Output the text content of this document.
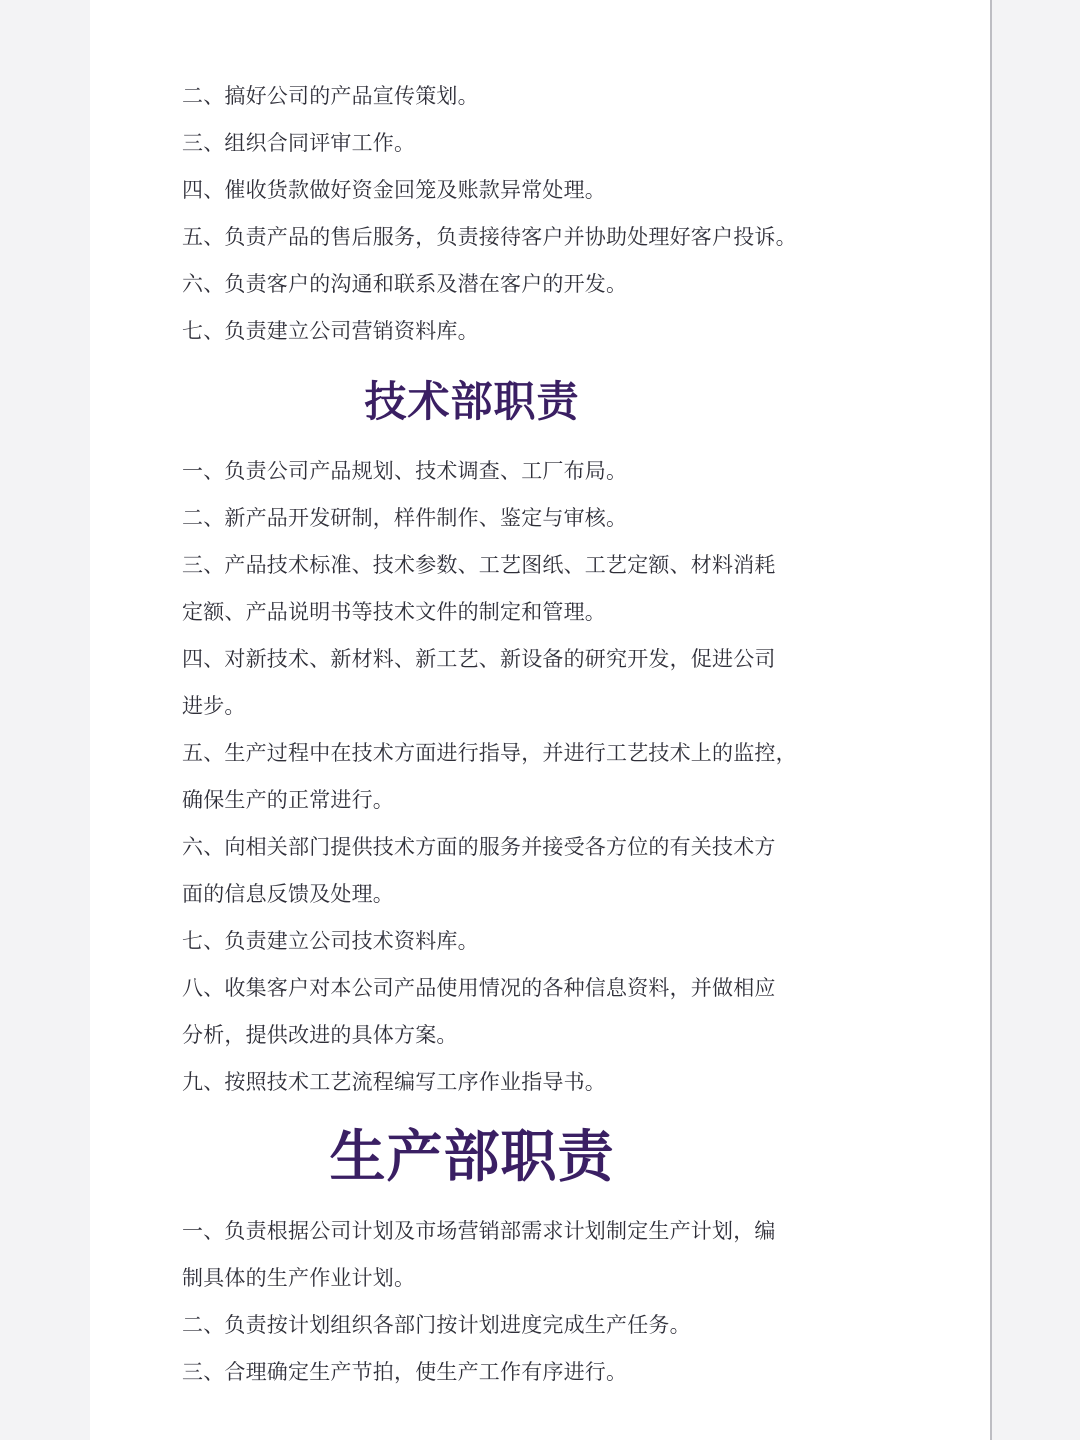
二、搞好公司的产品宣传策划。
三、组织合同评审工作。
四、催收货款做好资金回笼及账款异常处理。
五、负责产品的售后服务，负责接待客户并协助处理好客户投诉。
六、负责客户的沟通和联系及潜在客户的开发。
七、负责建立公司营销资料库。
技术部职责
一、负责公司产品规划、技术调查、工厂布局。
二、新产品开发研制，样件制作、鉴定与审核。
三、产品技术标准、技术参数、工艺图纸、工艺定额、材料消耗
定额、产品说明书等技术文件的制定和管理。
四、对新技术、新材料、新工艺、新设备的研究开发，促进公司
进步。
五、生产过程中在技术方面进行指导，并进行工艺技术上的监控，
确保生产的正常进行。
六、向相关部门提供技术方面的服务并接受各方位的有关技术方
面的信息反馈及处理。
七、负责建立公司技术资料库。
八、收集客户对本公司产品使用情况的各种信息资料，并做相应
分析，提供改进的具体方案。
九、按照技术工艺流程编写工序作业指导书。
生产部职责
一、负责根据公司计划及市场营销部需求计划制定生产计划，编
制具体的生产作业计划。
二、负责按计划组织各部门按计划进度完成生产任务。
三、合理确定生产节拍，使生产工作有序进行。
